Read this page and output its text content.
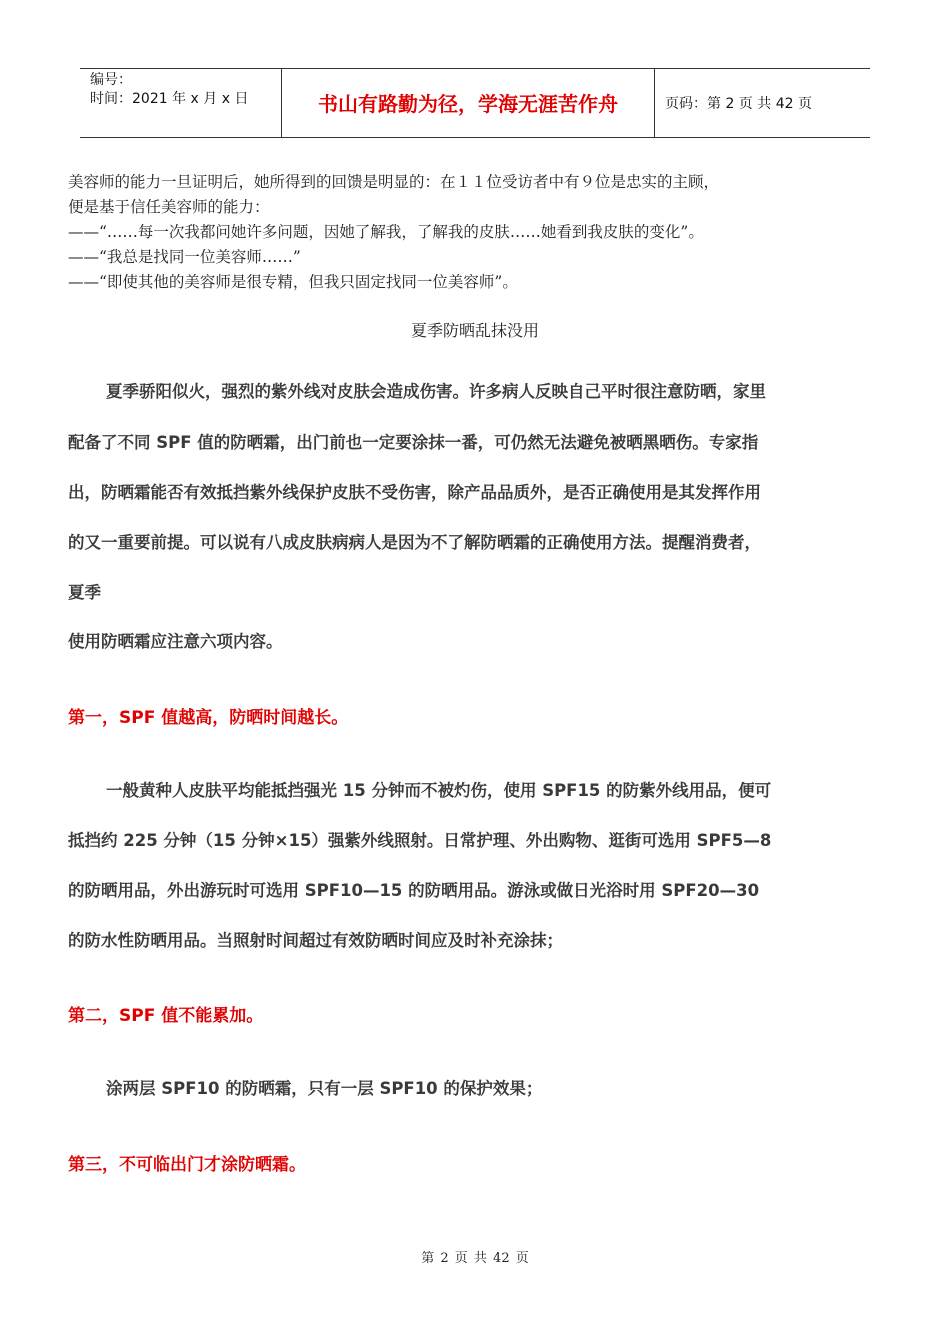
编号：
时间：2021 年 x 月 x 日	书山有路勤为径，学海无涯苦作舟	页码：第 2 页 共 42 页
美容师的能力一旦证明后，她所得到的回馈是明显的：在１１位受访者中有９位是忠实的主顾，
便是基于信任美容师的能力：
——“……每一次我都问她许多问题，因她了解我，了解我的皮肤……她看到我皮肤的变化”。
——“我总是找同一位美容师……”
——“即使其他的美容师是很专精，但我只固定找同一位美容师”。
夏季防晒乱抹没用
夏季骄阳似火，强烈的紫外线对皮肤会造成伤害。许多病人反映自己平时很注意防晒，家里
配备了不同 SPF 值的防晒霜，出门前也一定要涂抹一番，可仍然无法避免被晒黑晒伤。专家指
出，防晒霜能否有效抵挡紫外线保护皮肤不受伤害，除产品品质外，是否正确使用是其发挥作用
的又一重要前提。可以说有八成皮肤病病人是因为不了解防晒霜的正确使用方法。提醒消费者，
夏季
使用防晒霜应注意六项内容。
第一，SPF 值越高，防晒时间越长。
一般黄种人皮肤平均能抵挡强光 15 分钟而不被灼伤，使用 SPF15 的防紫外线用品，便可
抵挡约 225 分钟（15 分钟×15）强紫外线照射。日常护理、外出购物、逛街可选用 SPF5—8
的防晒用品，外出游玩时可选用 SPF10—15 的防晒用品。游泳或做日光浴时用 SPF20—30
的防水性防晒用品。当照射时间超过有效防晒时间应及时补充涂抹；
第二，SPF 值不能累加。
涂两层 SPF10 的防晒霜，只有一层 SPF10 的保护效果；
第三，不可临出门才涂防晒霜。
第 2 页 共 42 页
